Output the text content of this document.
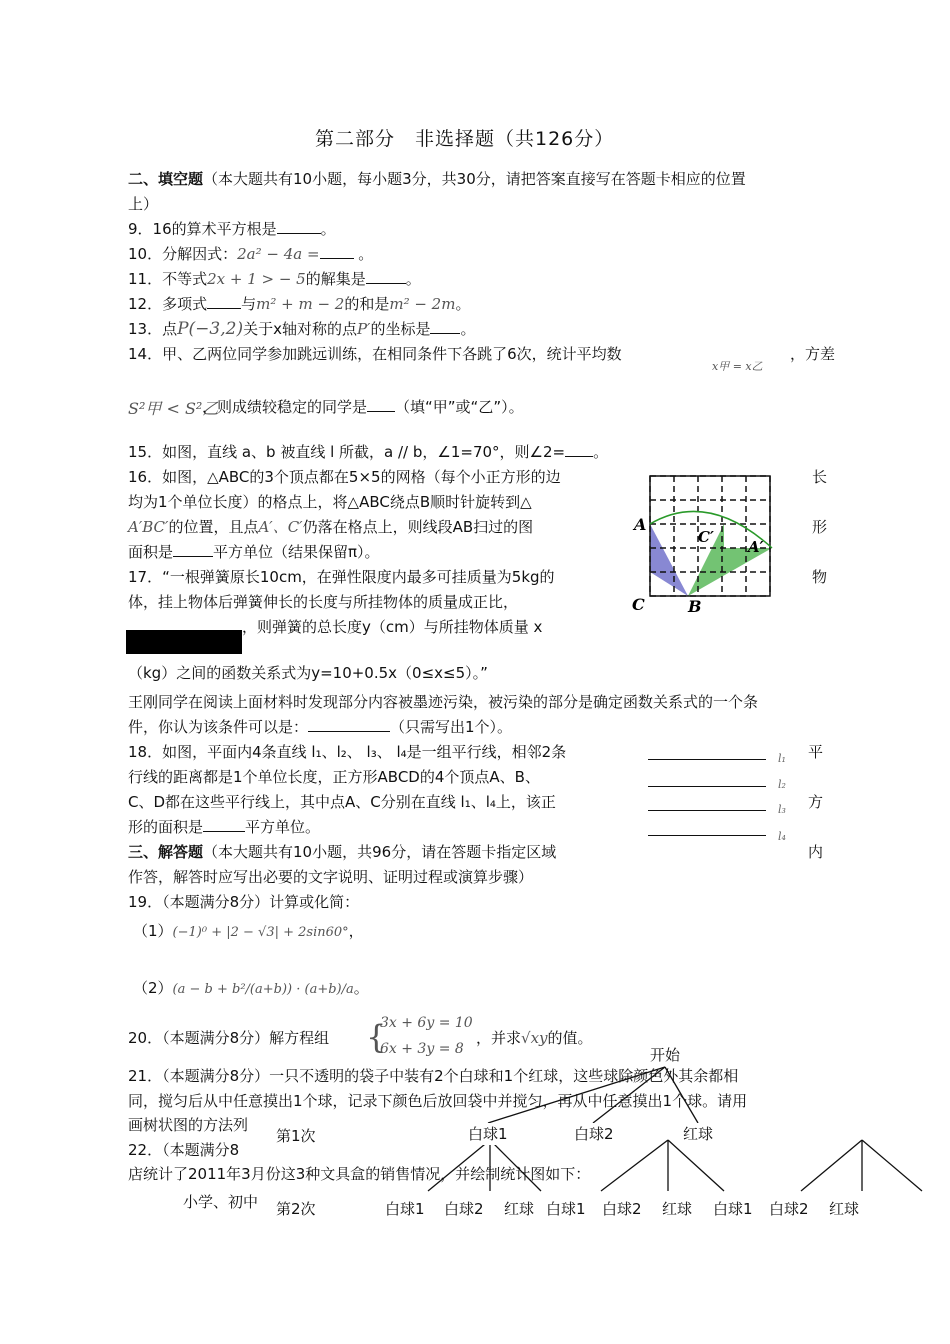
第二部分　非选择题（共126分）
二、填空题（本大题共有10小题，每小题3分，共30分，请把答案直接写在答题卡相应的位置
上）
9．16的算术平方根是	。
10．分解因式：2a² − 4a = 。
11．不等式2x + 1 > − 5的解集是	。
12．多项式 与m² + m − 2的和是m² − 2m。
13．点P(−3,2)关于x轴对称的点P′的坐标是 。
14．甲、乙两位同学参加跳远训练，在相同条件下各跳了6次，统计平均数
x甲 = x乙
，方差
S²甲 < S²乙
，则成绩较稳定的同学是 （填“甲”或“乙”）。
15．如图，直线 a、b 被直线 l 所截，a // b，∠1=70°，则∠2= 。
16．如图，△ABC的3个顶点都在5×5的网格（每个小正方形的边	长
均为1个单位长度）的格点上，将△ABC绕点B顺时针旋转到△
A′BC′的位置，且点A′、C′仍落在格点上，则线段AB扫过的图	形
面积是	平方单位（结果保留π）。
A
C′
A′
C	B
17．“一根弹簧原长10cm，在弹性限度内最多可挂质量为5kg的	物
体，挂上物体后弹簧伸长的长度与所挂物体的质量成正比，
，则弹簧的总长度y（cm）与所挂物体质量 x
（kg）之间的函数关系式为y=10+0.5x（0≤x≤5）。”
王刚同学在阅读上面材料时发现部分内容被墨迹污染，被污染的部分是确定函数关系式的一个条
件，你认为该条件可以是：	（只需写出1个）。
18．如图，平面内4条直线 l₁、l₂、 l₃、 l₄是一组平行线，相邻2条	平
行线的距离都是1个单位长度，正方形ABCD的4个顶点A、B、
C、D都在这些平行线上，其中点A、C分别在直线 l₁、l₄上，该正	方
形的面积是	平方单位。
l₁
l₂
l₃
l₄
三、解答题（本大题共有10小题，共96分，请在答题卡指定区域	内
作答，解答时应写出必要的文字说明、证明过程或演算步骤）
19．（本题满分8分）计算或化简：
（1）(−1)⁰ + |2 − √3| + 2sin60°，
（2）(a − b + b²/(a+b)) · (a+b)/a。
20．（本题满分8分）解方程组 {
3x + 6y = 10
6x + 3y = 8
，并求√xy的值。
21．（本题满分8分）一只不透明的袋子中装有2个白球和1个红球，这些球除颜色外其余都相
同，搅匀后从中任意摸出1个球，记录下颜色后放回袋中并搅匀，再从中任意摸出1个球。请用
画树状图的方法列
22．（本题满分8
店统计了2011年3月份这3种文具盒的销售情况，并绘制统计图如下：
小学、初中
开始
第1次	白球1	白球2	红球
第2次	白球1 白球2 红球 白球1 白球2 红球 白球1 白球2 红球
